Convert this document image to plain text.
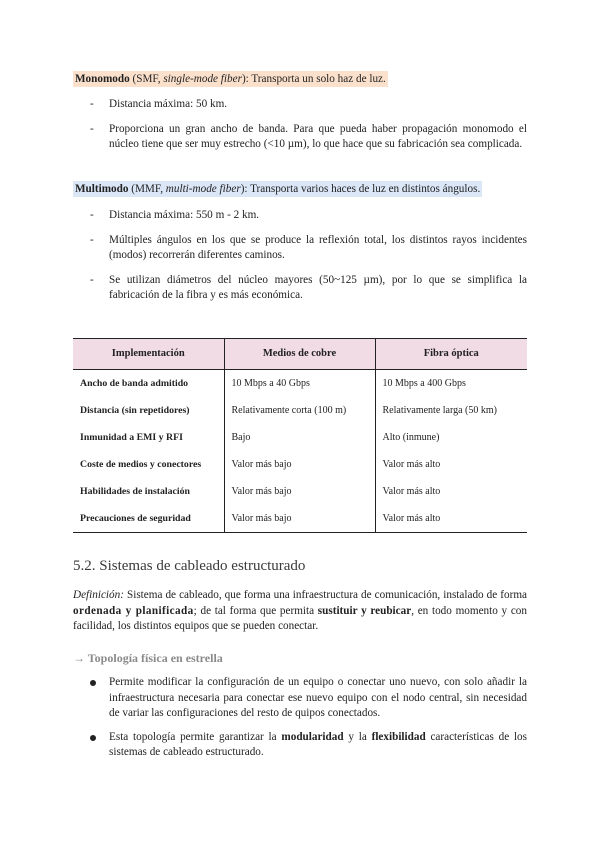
Monomodo (SMF, single-mode fiber): Transporta un solo haz de luz.
- Distancia máxima: 50 km.
- Proporciona un gran ancho de banda. Para que pueda haber propagación monomodo el núcleo tiene que ser muy estrecho (<10 µm), lo que hace que su fabricación sea complicada.
Multimodo (MMF, multi-mode fiber): Transporta varios haces de luz en distintos ángulos.
- Distancia máxima: 550 m - 2 km.
- Múltiples ángulos en los que se produce la reflexión total, los distintos rayos incidentes (modos) recorrerán diferentes caminos.
- Se utilizan diámetros del núcleo mayores (50~125 µm), por lo que se simplifica la fabricación de la fibra y es más económica.
Implementación	Medios de cobre	Fibra óptica
Ancho de banda admitido	10 Mbps a 40 Gbps	10 Mbps a 400 Gbps
Distancia (sin repetidores)	Relativamente corta (100 m)	Relativamente larga (50 km)
Inmunidad a EMI y RFI	Bajo	Alto (inmune)
Coste de medios y conectores	Valor más bajo	Valor más alto
Habilidades de instalación	Valor más bajo	Valor más alto
Precauciones de seguridad	Valor más bajo	Valor más alto
5.2. Sistemas de cableado estructurado
Definición: Sistema de cableado, que forma una infraestructura de comunicación, instalado de forma ordenada y planificada; de tal forma que permita sustituir y reubicar, en todo momento y con facilidad, los distintos equipos que se pueden conectar.
→ Topología física en estrella
Permite modificar la configuración de un equipo o conectar uno nuevo, con solo añadir la infraestructura necesaria para conectar ese nuevo equipo con el nodo central, sin necesidad de variar las configuraciones del resto de quipos conectados.
Esta topología permite garantizar la modularidad y la flexibilidad características de los sistemas de cableado estructurado.
